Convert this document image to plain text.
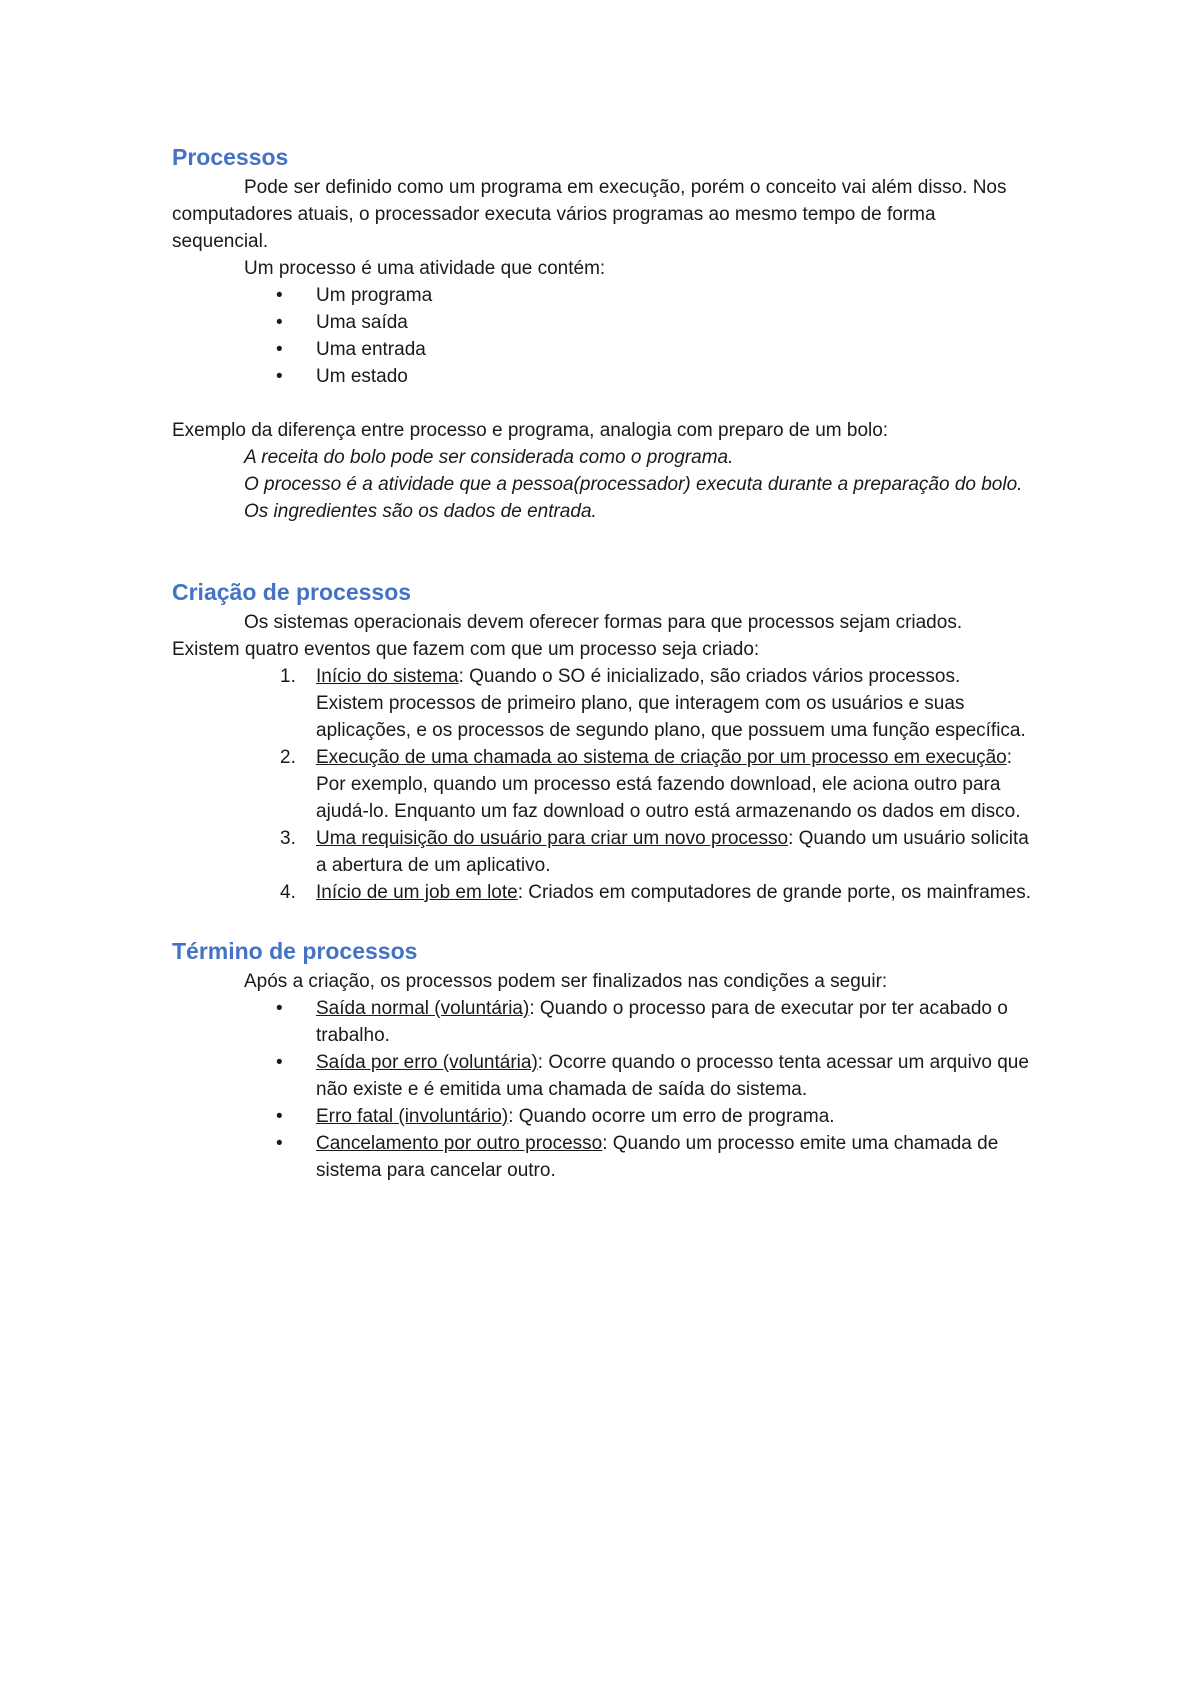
Processos

Pode ser definido como um programa em execução, porém o conceito vai além disso. Nos computadores atuais, o processador executa vários programas ao mesmo tempo de forma sequencial.

Um processo é uma atividade que contém:

• Um programa
• Uma saída
• Uma entrada
• Um estado

Exemplo da diferença entre processo e programa, analogia com preparo de um bolo:

A receita do bolo pode ser considerada como o programa.

O processo é a atividade que a pessoa(processador) executa durante a preparação do bolo.

Os ingredientes são os dados de entrada.

Criação de processos

Os sistemas operacionais devem oferecer formas para que processos sejam criados. Existem quatro eventos que fazem com que um processo seja criado:

1. Início do sistema: Quando o SO é inicializado, são criados vários processos. Existem processos de primeiro plano, que interagem com os usuários e suas aplicações, e os processos de segundo plano, que possuem uma função específica.
2. Execução de uma chamada ao sistema de criação por um processo em execução: Por exemplo, quando um processo está fazendo download, ele aciona outro para ajudá-lo. Enquanto um faz download o outro está armazenando os dados em disco.
3. Uma requisição do usuário para criar um novo processo: Quando um usuário solicita a abertura de um aplicativo.
4. Início de um job em lote: Criados em computadores de grande porte, os mainframes.
Término de processos

Após a criação, os processos podem ser finalizados nas condições a seguir:

• Saída normal (voluntária): Quando o processo para de executar por ter acabado o trabalho.
• Saída por erro (voluntária): Ocorre quando o processo tenta acessar um arquivo que não existe e é emitida uma chamada de saída do sistema.
• Erro fatal (involuntário): Quando ocorre um erro de programa.
• Cancelamento por outro processo: Quando um processo emite uma chamada de sistema para cancelar outro.
